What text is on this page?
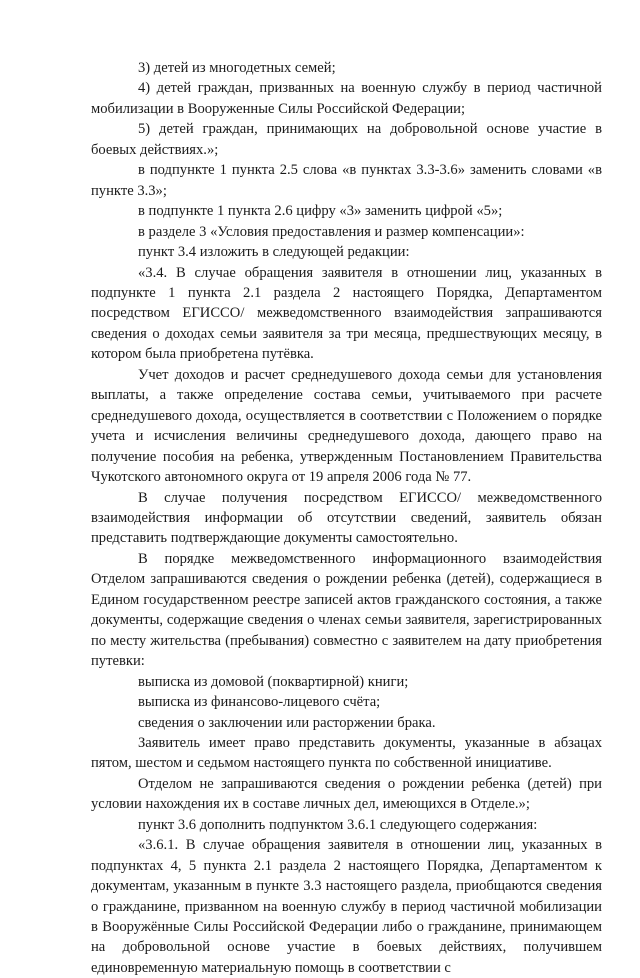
3) детей из многодетных семей;

4) детей граждан, призванных на военную службу в период частичной мобилизации в Вооруженные Силы Российской Федерации;

5) детей граждан, принимающих на добровольной основе участие в боевых действиях.»;

в подпункте 1 пункта 2.5 слова «в пунктах 3.3-3.6» заменить словами «в пункте 3.3»;

в подпункте 1 пункта 2.6 цифру «3» заменить цифрой «5»;

в разделе 3 «Условия предоставления и размер компенсации»:

пункт 3.4 изложить в следующей редакции:

«3.4. В случае обращения заявителя в отношении лиц, указанных в подпункте 1 пункта 2.1 раздела 2 настоящего Порядка, Департаментом посредством ЕГИССО/ межведомственного взаимодействия запрашиваются сведения о доходах семьи заявителя за три месяца, предшествующих месяцу, в котором была приобретена путёвка.

Учет доходов и расчет среднедушевого дохода семьи для установления выплаты, а также определение состава семьи, учитываемого при расчете среднедушевого дохода, осуществляется в соответствии с Положением о порядке учета и исчисления величины среднедушевого дохода, дающего право на получение пособия на ребенка, утвержденным Постановлением Правительства Чукотского автономного округа от 19 апреля 2006 года № 77.

В случае получения посредством ЕГИССО/ межведомственного взаимодействия информации об отсутствии сведений, заявитель обязан представить подтверждающие документы самостоятельно.

В порядке межведомственного информационного взаимодействия Отделом запрашиваются сведения о рождении ребенка (детей), содержащиеся в Едином государственном реестре записей актов гражданского состояния, а также документы, содержащие сведения о членах семьи заявителя, зарегистрированных по месту жительства (пребывания) совместно с заявителем на дату приобретения путевки:

выписка из домовой (поквартирной) книги;

выписка из финансово-лицевого счёта;

сведения о заключении или расторжении брака.

Заявитель имеет право представить документы, указанные в абзацах пятом, шестом и седьмом настоящего пункта по собственной инициативе.

Отделом не запрашиваются сведения о рождении ребенка (детей) при условии нахождения их в составе личных дел, имеющихся в Отделе.»;

пункт 3.6 дополнить подпунктом 3.6.1 следующего содержания:

«3.6.1. В случае обращения заявителя в отношении лиц, указанных в подпунктах 4, 5 пункта 2.1 раздела 2 настоящего Порядка, Департаментом к документам, указанным в пункте 3.3 настоящего раздела, приобщаются сведения о гражданине, призванном на военную службу в период частичной мобилизации в Вооружённые Силы Российской Федерации либо о гражданине, принимающем на добровольной основе участие в боевых действиях, получившем единовременную материальную помощь в соответствии с
